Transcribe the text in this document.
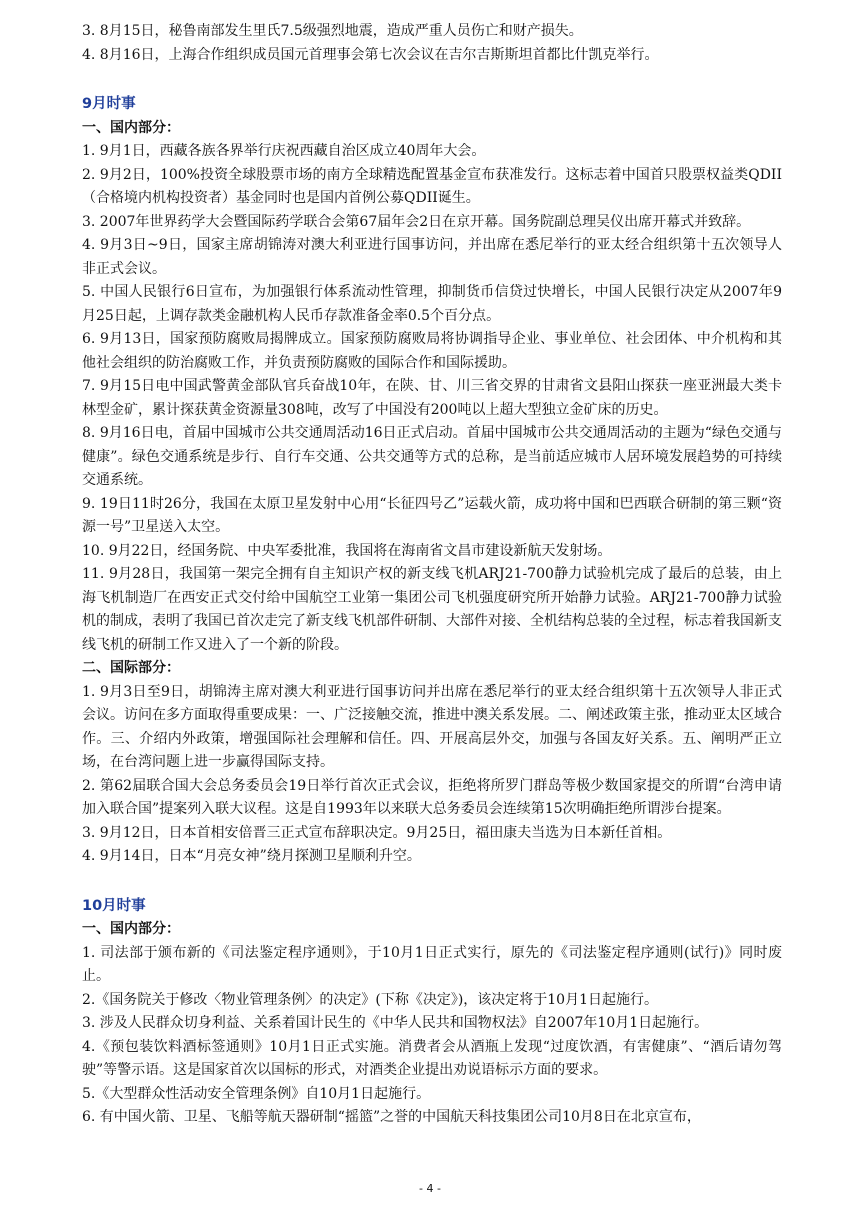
3. 8月15日，秘鲁南部发生里氏7.5级强烈地震，造成严重人员伤亡和财产损失。

4. 8月16日，上海合作组织成员国元首理事会第七次会议在吉尔吉斯斯坦首都比什凯克举行。

9月时事

一、国内部分：

1. 9月1日，西藏各族各界举行庆祝西藏自治区成立40周年大会。

2. 9月2日，100%投资全球股票市场的南方全球精选配置基金宣布获准发行。这标志着中国首只股票权益类QDII（合格境内机构投资者）基金同时也是国内首例公募QDII诞生。

3. 2007年世界药学大会暨国际药学联合会第67届年会2日在京开幕。国务院副总理吴仪出席开幕式并致辞。

4. 9月3日~9日，国家主席胡锦涛对澳大利亚进行国事访问，并出席在悉尼举行的亚太经合组织第十五次领导人非正式会议。

5. 中国人民银行6日宣布，为加强银行体系流动性管理，抑制货币信贷过快增长，中国人民银行决定从2007年9月25日起，上调存款类金融机构人民币存款准备金率0.5个百分点。

6. 9月13日，国家预防腐败局揭牌成立。国家预防腐败局将协调指导企业、事业单位、社会团体、中介机构和其他社会组织的防治腐败工作，并负责预防腐败的国际合作和国际援助。

7. 9月15日电中国武警黄金部队官兵奋战10年，在陕、甘、川三省交界的甘肃省文县阳山探获一座亚洲最大类卡林型金矿，累计探获黄金资源量308吨，改写了中国没有200吨以上超大型独立金矿床的历史。

8. 9月16日电，首届中国城市公共交通周活动16日正式启动。首届中国城市公共交通周活动的主题为“绿色交通与健康”。绿色交通系统是步行、自行车交通、公共交通等方式的总称，是当前适应城市人居环境发展趋势的可持续交通系统。

9. 19日11时26分，我国在太原卫星发射中心用“长征四号乙”运载火箭，成功将中国和巴西联合研制的第三颗“资源一号”卫星送入太空。

10. 9月22日，经国务院、中央军委批准，我国将在海南省文昌市建设新航天发射场。

11. 9月28日，我国第一架完全拥有自主知识产权的新支线飞机ARJ21-700静力试验机完成了最后的总装，由上海飞机制造厂在西安正式交付给中国航空工业第一集团公司飞机强度研究所开始静力试验。ARJ21-700静力试验机的制成，表明了我国已首次走完了新支线飞机部件研制、大部件对接、全机结构总装的全过程，标志着我国新支线飞机的研制工作又进入了一个新的阶段。

二、国际部分：

1. 9月3日至9日，胡锦涛主席对澳大利亚进行国事访问并出席在悉尼举行的亚太经合组织第十五次领导人非正式会议。访问在多方面取得重要成果：一、广泛接触交流，推进中澳关系发展。二、阐述政策主张，推动亚太区域合作。三、介绍内外政策，增强国际社会理解和信任。四、开展高层外交，加强与各国友好关系。五、阐明严正立场，在台湾问题上进一步赢得国际支持。

2. 第62届联合国大会总务委员会19日举行首次正式会议，拒绝将所罗门群岛等极少数国家提交的所谓“台湾申请加入联合国”提案列入联大议程。这是自1993年以来联大总务委员会连续第15次明确拒绝所谓涉台提案。

3. 9月12日，日本首相安倍晋三正式宣布辞职决定。9月25日，福田康夫当选为日本新任首相。

4. 9月14日，日本“月亮女神”绕月探测卫星顺利升空。

10月时事

一、国内部分：

1. 司法部于颁布新的《司法鉴定程序通则》，于10月1日正式实行，原先的《司法鉴定程序通则(试行)》同时废止。

2.《国务院关于修改〈物业管理条例〉的决定》(下称《决定》)，该决定将于10月1日起施行。

3. 涉及人民群众切身利益、关系着国计民生的《中华人民共和国物权法》自2007年10月1日起施行。

4.《预包装饮料酒标签通则》10月1日正式实施。消费者会从酒瓶上发现“过度饮酒，有害健康”、“酒后请勿驾驶”等警示语。这是国家首次以国标的形式，对酒类企业提出劝说语标示方面的要求。

5.《大型群众性活动安全管理条例》自10月1日起施行。

6. 有中国火箭、卫星、飞船等航天器研制“摇篮”之誉的中国航天科技集团公司10月8日在北京宣布，

- 4 -
